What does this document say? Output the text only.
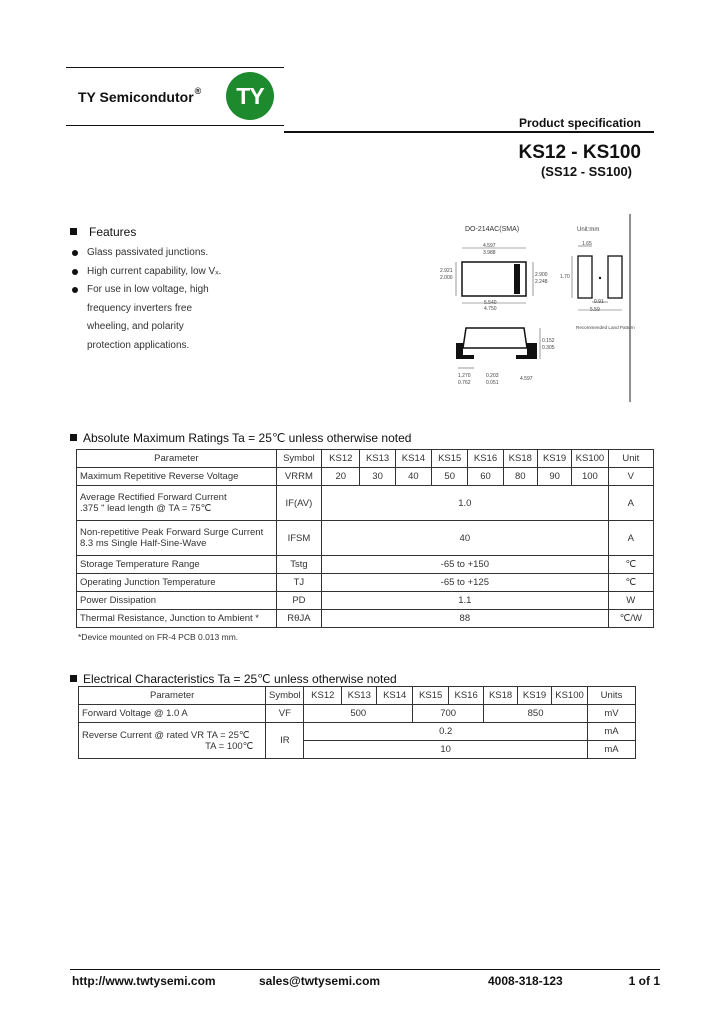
TY Semicondutor®	TY
Product specification
KS12 - KS100
(SS12 - SS100)
Features
Glass passivated junctions.
High current capability, low Vₓ.
For use in low voltage, high
frequency inverters free
wheeling, and polarity
protection applications.
DO-214AC(SMA)	Unit:mm
4.597
3.988
2.921
2.000	2.900
2.248
5.540
4.750
1.65
1.70
0.91
5.59
Recommended Land Pattern
0.152
0.305
1.270
0.762
0.203
0.051
4.597
Absolute Maximum Ratings Ta = 25℃ unless otherwise noted
Parameter	Symbol	KS12	KS13	KS14	KS15	KS16	KS18	KS19	KS100	Unit
Maximum Repetitive Reverse Voltage	VRRM	20	30	40	50	60	80	90	100	V

Average Rectified Forward Current
.375 " lead length @ TA = 75℃	IF(AV)	1.0								A

Non-repetitive Peak Forward Surge Current
8.3 ms Single Half-Sine-Wave	IFSM	40								A
Storage Temperature Range	Tstg	-65 to +150								℃
Operating Junction Temperature	TJ	-65 to +125								℃
Power Dissipation	PD	1.1								W
Thermal Resistance, Junction to Ambient *	RθJA	88								℃/W
*Device mounted on FR-4 PCB 0.013 mm.
Electrical Characteristics Ta = 25℃ unless otherwise noted
Parameter	Symbol	KS12	KS13	KS14	KS15	KS16	KS18	KS19	KS100	Units
Forward Voltage @ 1.0 A	VF	500			700		850			mV

Reverse Current @ rated VR TA = 25℃
TA = 100℃	IR	0.2								mA
		10								mA
http://www.twtysemi.com	sales@twtysemi.com	4008-318-123	1 of 1
